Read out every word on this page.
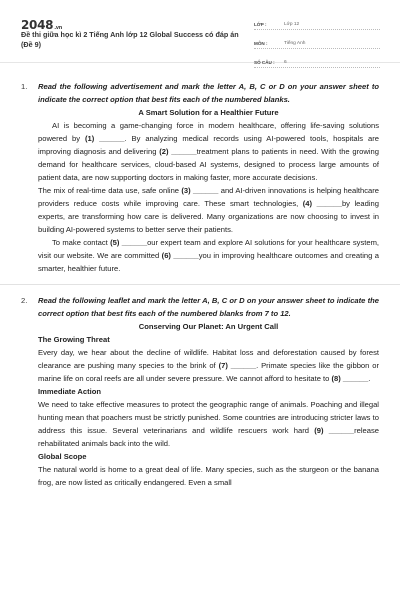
2048.vn
Đề thi giữa học kì 2 Tiếng Anh lớp 12 Global Success có đáp án (Đề 9)
LỚP :	Lớp 12
MÔN :	Tiếng Anh
SỐ CÂU :	6
1. Read the following advertisement and mark the letter A, B, C or D on your answer sheet to indicate the correct option that best fits each of the numbered blanks.

A Smart Solution for a Healthier Future

AI is becoming a game-changing force in modern healthcare, offering life-saving solutions powered by (1) ______. By analyzing medical records using AI-powered tools, hospitals are improving diagnosis and delivering (2) ______treatment plans to patients in need. With the growing demand for healthcare services, cloud-based AI systems, designed to process large amounts of patient data, are now supporting doctors in making faster, more accurate decisions.

The mix of real-time data use, safe online (3) ______ and AI-driven innovations is helping healthcare providers reduce costs while improving care. These smart technologies, (4) ______by leading experts, are transforming how care is delivered. Many organizations are now choosing to invest in building AI-powered systems to better serve their patients.

To make contact (5) ______our expert team and explore AI solutions for your healthcare system, visit our website. We are committed (6) ______you in improving healthcare outcomes and creating a smarter, healthier future.

2. Read the following leaflet and mark the letter A, B, C or D on your answer sheet to indicate the correct option that best fits each of the numbered blanks from 7 to 12.

Conserving Our Planet: An Urgent Call

The Growing Threat

Every day, we hear about the decline of wildlife. Habitat loss and deforestation caused by forest clearance are pushing many species to the brink of (7) ______. Primate species like the gibbon or marine life on coral reefs are all under severe pressure. We cannot afford to hesitate to (8) ______.

Immediate Action

We need to take effective measures to protect the geographic range of animals. Poaching and illegal hunting mean that poachers must be strictly punished. Some countries are introducing stricter laws to address this issue. Several veterinarians and wildlife rescuers work hard (9) ______release rehabilitated animals back into the wild.

Global Scope

The natural world is home to a great deal of life. Many species, such as the sturgeon or the banana frog, are now listed as critically endangered. Even a small
